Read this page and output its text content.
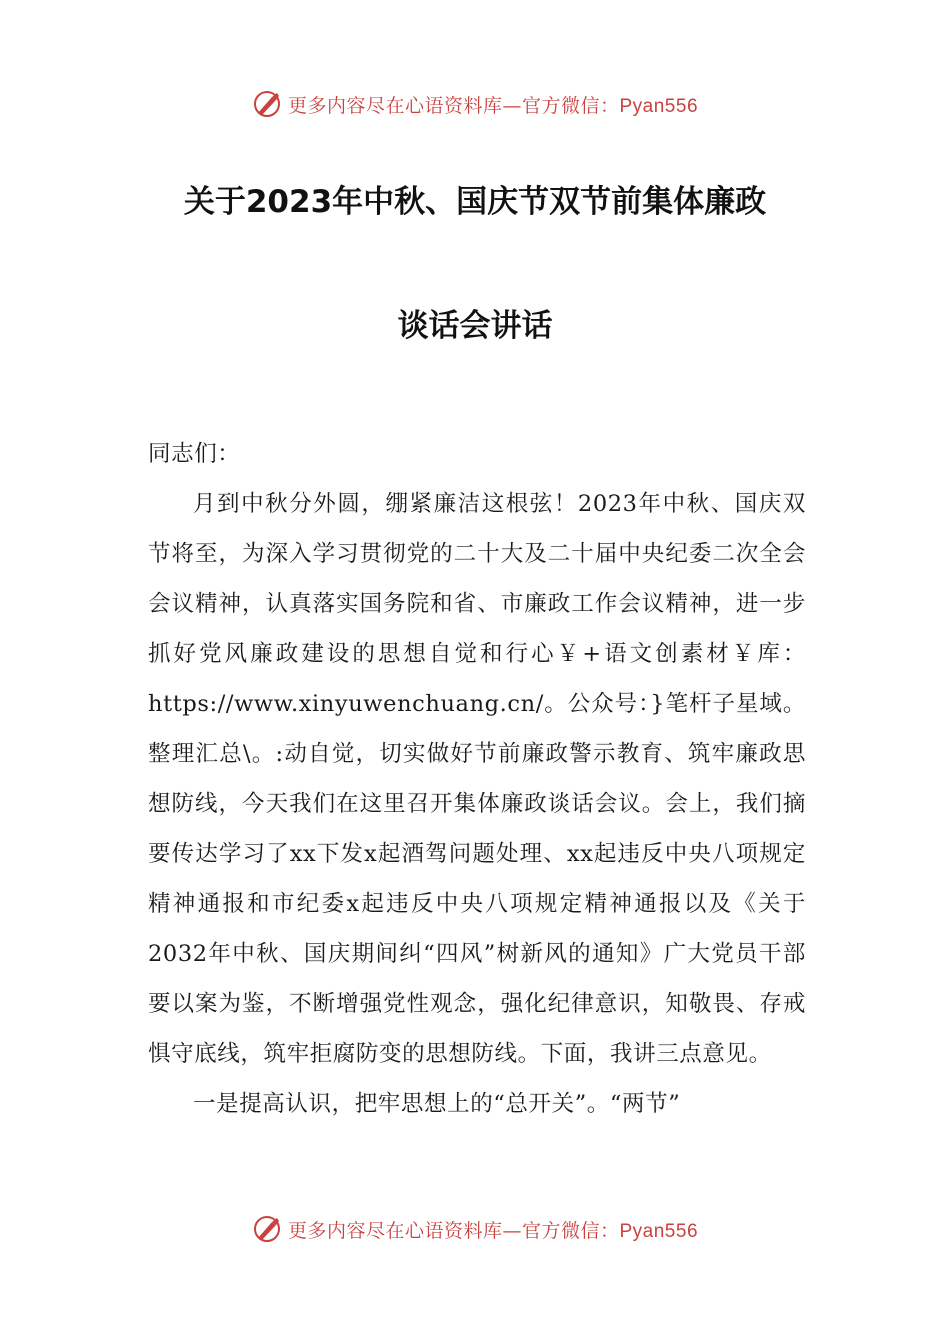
更多内容尽在心语资料库—官方微信：Pyan556
关于2023年中秋、国庆节双节前集体廉政
谈话会讲话

同志们：

月到中秋分外圆，绷紧廉洁这根弦！2023年中秋、国庆双节将至，为深入学习贯彻党的二十大及二十届中央纪委二次全会会议精神，认真落实国务院和省、市廉政工作会议精神，进一步抓好党风廉政建设的思想自觉和行心￥+语文创素材￥库：https://www.xinyuwenchuang.cn/。公众号：}笔杆子星域。整理汇总\。:动自觉，切实做好节前廉政警示教育、筑牢廉政思想防线，今天我们在这里召开集体廉政谈话会议。会上，我们摘要传达学习了xx下发x起酒驾问题处理、xx起违反中央八项规定精神通报和市纪委x起违反中央八项规定精神通报以及《关于2032年中秋、国庆期间纠“四风”树新风的通知》广大党员干部要以案为鉴，不断增强党性观念，强化纪律意识，知敬畏、存戒惧守底线，筑牢拒腐防变的思想防线。下面，我讲三点意见。

一是提高认识，把牢思想上的“总开关”。“两节”

更多内容尽在心语资料库—官方微信：Pyan556
